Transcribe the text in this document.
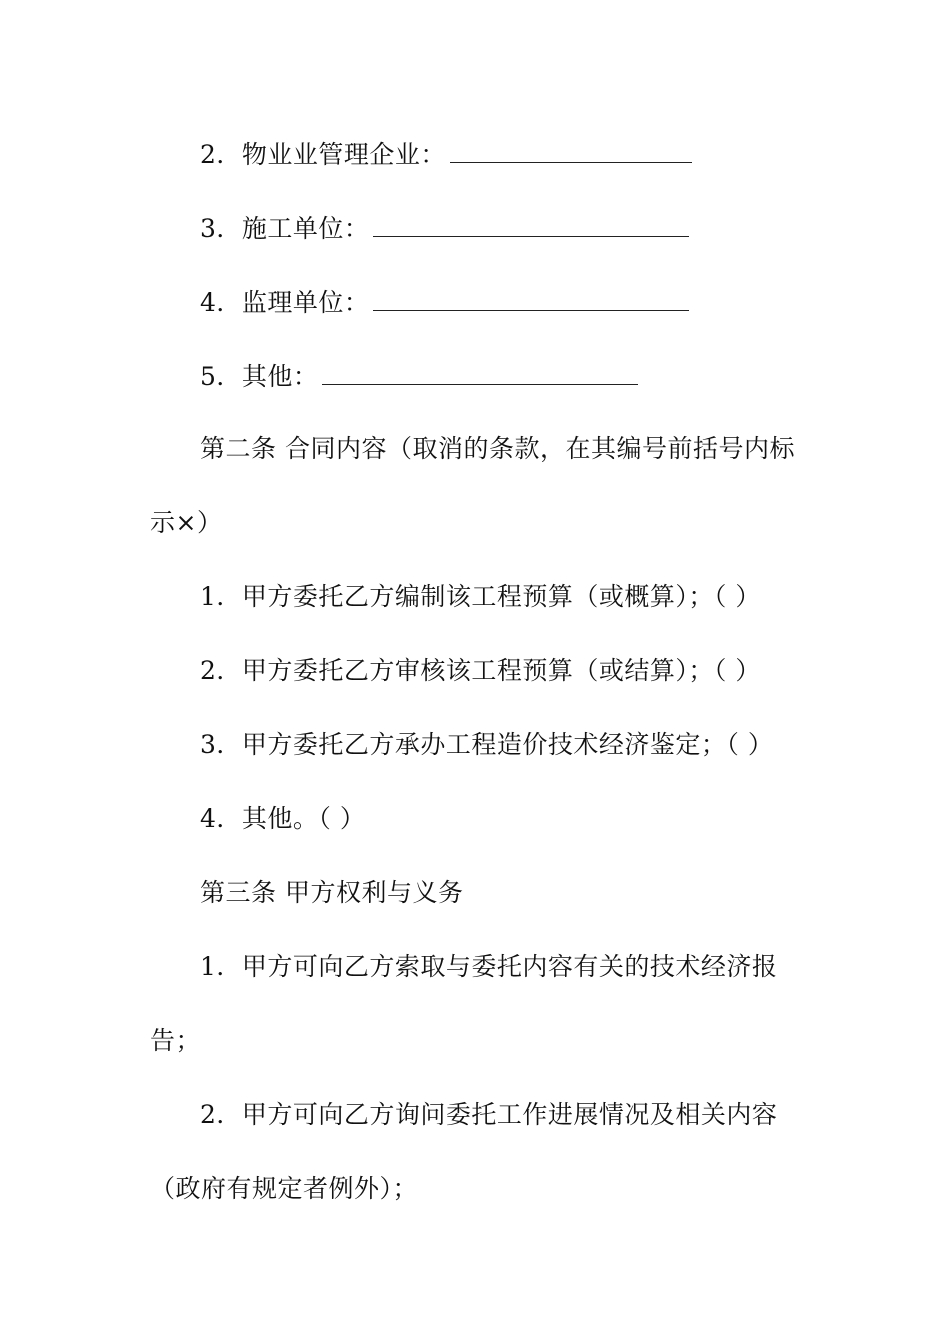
2．物业业管理企业：
3．施工单位：
4．监理单位：
5．其他：
第二条 合同内容（取消的条款，在其编号前括号内标
示×）
1．甲方委托乙方编制该工程预算（或概算）；（ ）
2．甲方委托乙方审核该工程预算（或结算）；（ ）
3．甲方委托乙方承办工程造价技术经济鉴定；（ ）
4．其他。（ ）
第三条 甲方权利与义务
1．甲方可向乙方索取与委托内容有关的技术经济报
告；
2．甲方可向乙方询问委托工作进展情况及相关内容
（政府有规定者例外）；
